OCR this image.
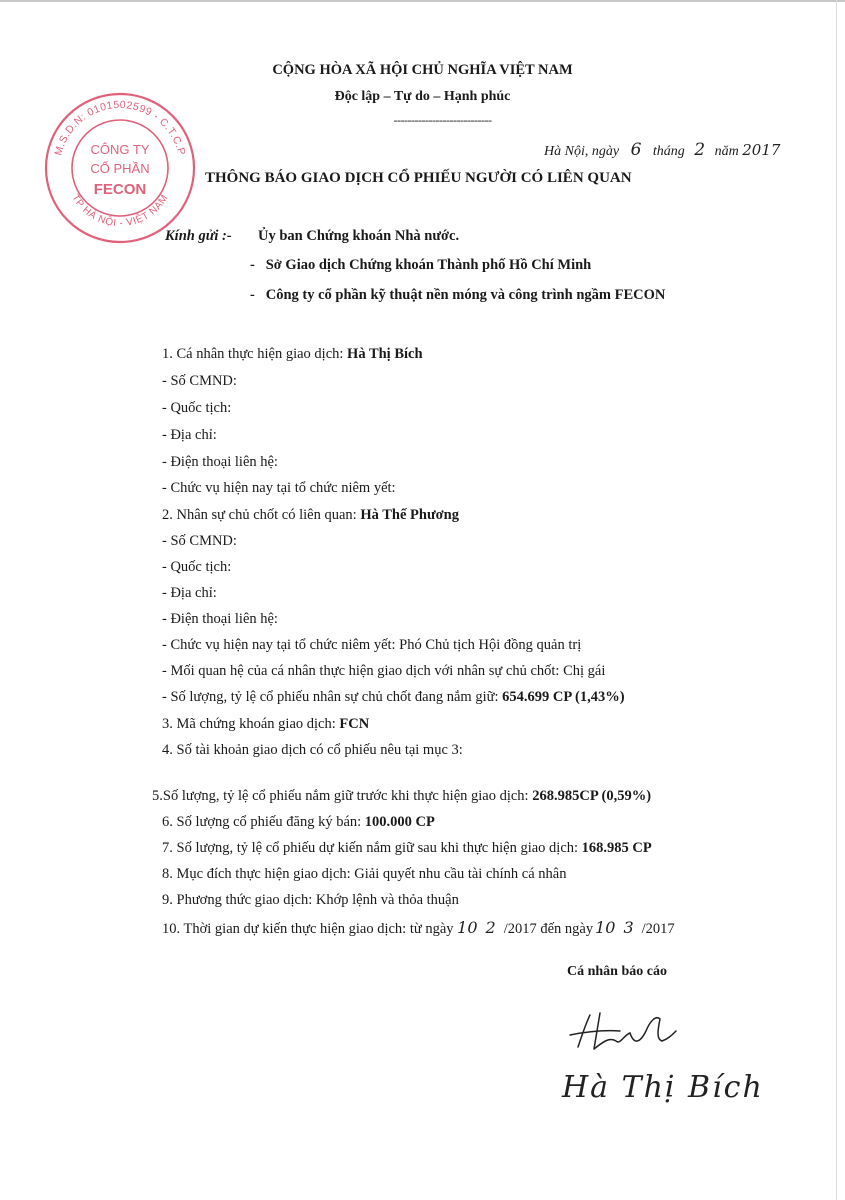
M.S.D.N: 0101502599 - C.T.C.P
TP HÀ NỘI - VIỆT NAM
CÔNG TY
CỔ PHẦN
FECON
CỘNG HÒA XÃ HỘI CHỦ NGHĨA VIỆT NAM
Độc lập – Tự do – Hạnh phúc
----------------------------
Hà Nội, ngày 6 tháng 2 năm 2017
THÔNG BÁO GIAO DỊCH CỔ PHIẾU NGƯỜI CÓ LIÊN QUAN
Kính gửi :- Ủy ban Chứng khoán Nhà nước.
-   Sở Giao dịch Chứng khoán Thành phố Hồ Chí Minh
-   Công ty cổ phần kỹ thuật nền móng và công trình ngầm FECON
1. Cá nhân thực hiện giao dịch: Hà Thị Bích
- Số CMND:
- Quốc tịch:
- Địa chỉ:
- Điện thoại liên hệ:
- Chức vụ hiện nay tại tổ chức niêm yết:
2. Nhân sự chủ chốt có liên quan: Hà Thế Phương
- Số CMND:
- Quốc tịch:
- Địa chỉ:
- Điện thoại liên hệ:
- Chức vụ hiện nay tại tổ chức niêm yết: Phó Chủ tịch Hội đồng quản trị
- Mối quan hệ của cá nhân thực hiện giao dịch với nhân sự chủ chốt: Chị gái
- Số lượng, tỷ lệ cổ phiếu nhân sự chủ chốt đang nắm giữ: 654.699 CP (1,43%)
3. Mã chứng khoán giao dịch: FCN
4. Số tài khoản giao dịch có cổ phiếu nêu tại mục 3:
5.Số lượng, tỷ lệ cổ phiếu nắm giữ trước khi thực hiện giao dịch: 268.985CP (0,59%)
6. Số lượng cổ phiếu đăng ký bán: 100.000 CP
7. Số lượng, tỷ lệ cổ phiếu dự kiến nắm giữ sau khi thực hiện giao dịch: 168.985 CP
8. Mục đích thực hiện giao dịch: Giải quyết nhu cầu tài chính cá nhân
9. Phương thức giao dịch: Khớp lệnh và thỏa thuận
10. Thời gian dự kiến thực hiện giao dịch: từ ngày 10 2 /2017 đến ngày 10 3 /2017
Cá nhân báo cáo
Hà Thị Bích
